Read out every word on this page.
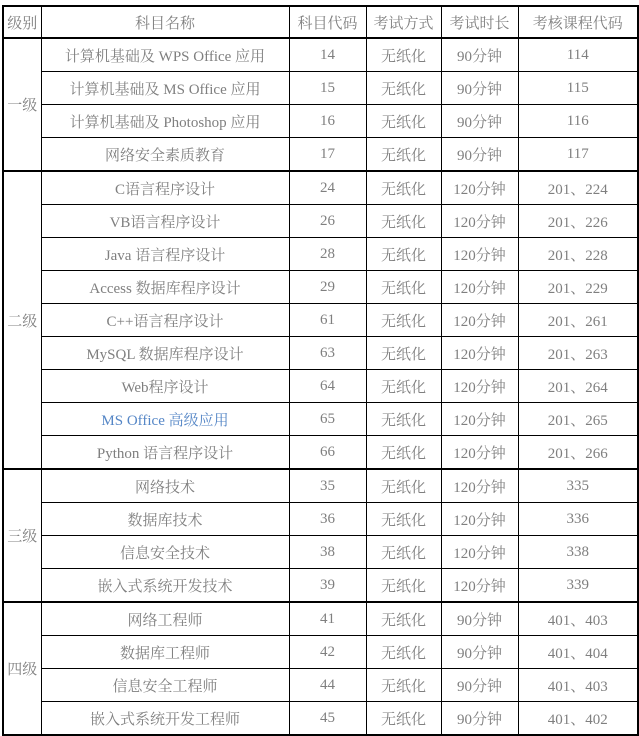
级别	科目名称	科目代码	考试方式	考试时长	考核课程代码
一级	计算机基础及 WPS Office 应用	14	无纸化	90分钟	114
	计算机基础及 MS Office 应用	15	无纸化	90分钟	115
	计算机基础及 Photoshop 应用	16	无纸化	90分钟	116
	网络安全素质教育	17	无纸化	90分钟	117
二级	C语言程序设计	24	无纸化	120分钟	201、224
	VB语言程序设计	26	无纸化	120分钟	201、226
	Java 语言程序设计	28	无纸化	120分钟	201、228
	Access 数据库程序设计	29	无纸化	120分钟	201、229
	C++语言程序设计	61	无纸化	120分钟	201、261
	MySQL 数据库程序设计	63	无纸化	120分钟	201、263
	Web程序设计	64	无纸化	120分钟	201、264
	MS Office 高级应用	65	无纸化	120分钟	201、265
	Python 语言程序设计	66	无纸化	120分钟	201、266
三级	网络技术	35	无纸化	120分钟	335
	数据库技术	36	无纸化	120分钟	336
	信息安全技术	38	无纸化	120分钟	338
	嵌入式系统开发技术	39	无纸化	120分钟	339
四级	网络工程师	41	无纸化	90分钟	401、403
	数据库工程师	42	无纸化	90分钟	401、404
	信息安全工程师	44	无纸化	90分钟	401、403
	嵌入式系统开发工程师	45	无纸化	90分钟	401、402
